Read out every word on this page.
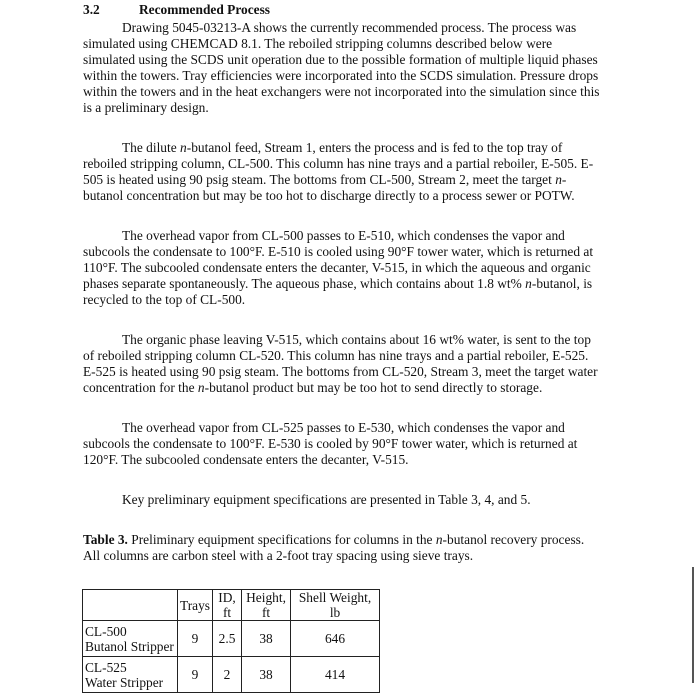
3.2	Recommended Process
Drawing 5045-03213-A shows the currently recommended process. The process was
simulated using CHEMCAD 8.1. The reboiled stripping columns described below were
simulated using the SCDS unit operation due to the possible formation of multiple liquid phases
within the towers. Tray efficiencies were incorporated into the SCDS simulation. Pressure drops
within the towers and in the heat exchangers were not incorporated into the simulation since this
is a preliminary design.
The dilute n-butanol feed, Stream 1, enters the process and is fed to the top tray of
reboiled stripping column, CL-500. This column has nine trays and a partial reboiler, E-505. E-
505 is heated using 90 psig steam. The bottoms from CL-500, Stream 2, meet the target n-
butanol concentration but may be too hot to discharge directly to a process sewer or POTW.
The overhead vapor from CL-500 passes to E-510, which condenses the vapor and
subcools the condensate to 100°F. E-510 is cooled using 90°F tower water, which is returned at
110°F. The subcooled condensate enters the decanter, V-515, in which the aqueous and organic
phases separate spontaneously. The aqueous phase, which contains about 1.8 wt% n-butanol, is
recycled to the top of CL-500.
The organic phase leaving V-515, which contains about 16 wt% water, is sent to the top
of reboiled stripping column CL-520. This column has nine trays and a partial reboiler, E-525.
E-525 is heated using 90 psig steam. The bottoms from CL-520, Stream 3, meet the target water
concentration for the n-butanol product but may be too hot to send directly to storage.
The overhead vapor from CL-525 passes to E-530, which condenses the vapor and
subcools the condensate to 100°F. E-530 is cooled by 90°F tower water, which is returned at
120°F. The subcooled condensate enters the decanter, V-515.
Key preliminary equipment specifications are presented in Table 3, 4, and 5.
Table 3. Preliminary equipment specifications for columns in the n-butanol recovery process.
All columns are carbon steel with a 2-foot tray spacing using sieve trays.
	Trays	ID, ft	Height, ft	Shell Weight, lb

CL-500
Butanol Stripper	9	2.5	38	646

CL-525
Water Stripper	9	2	38	414
